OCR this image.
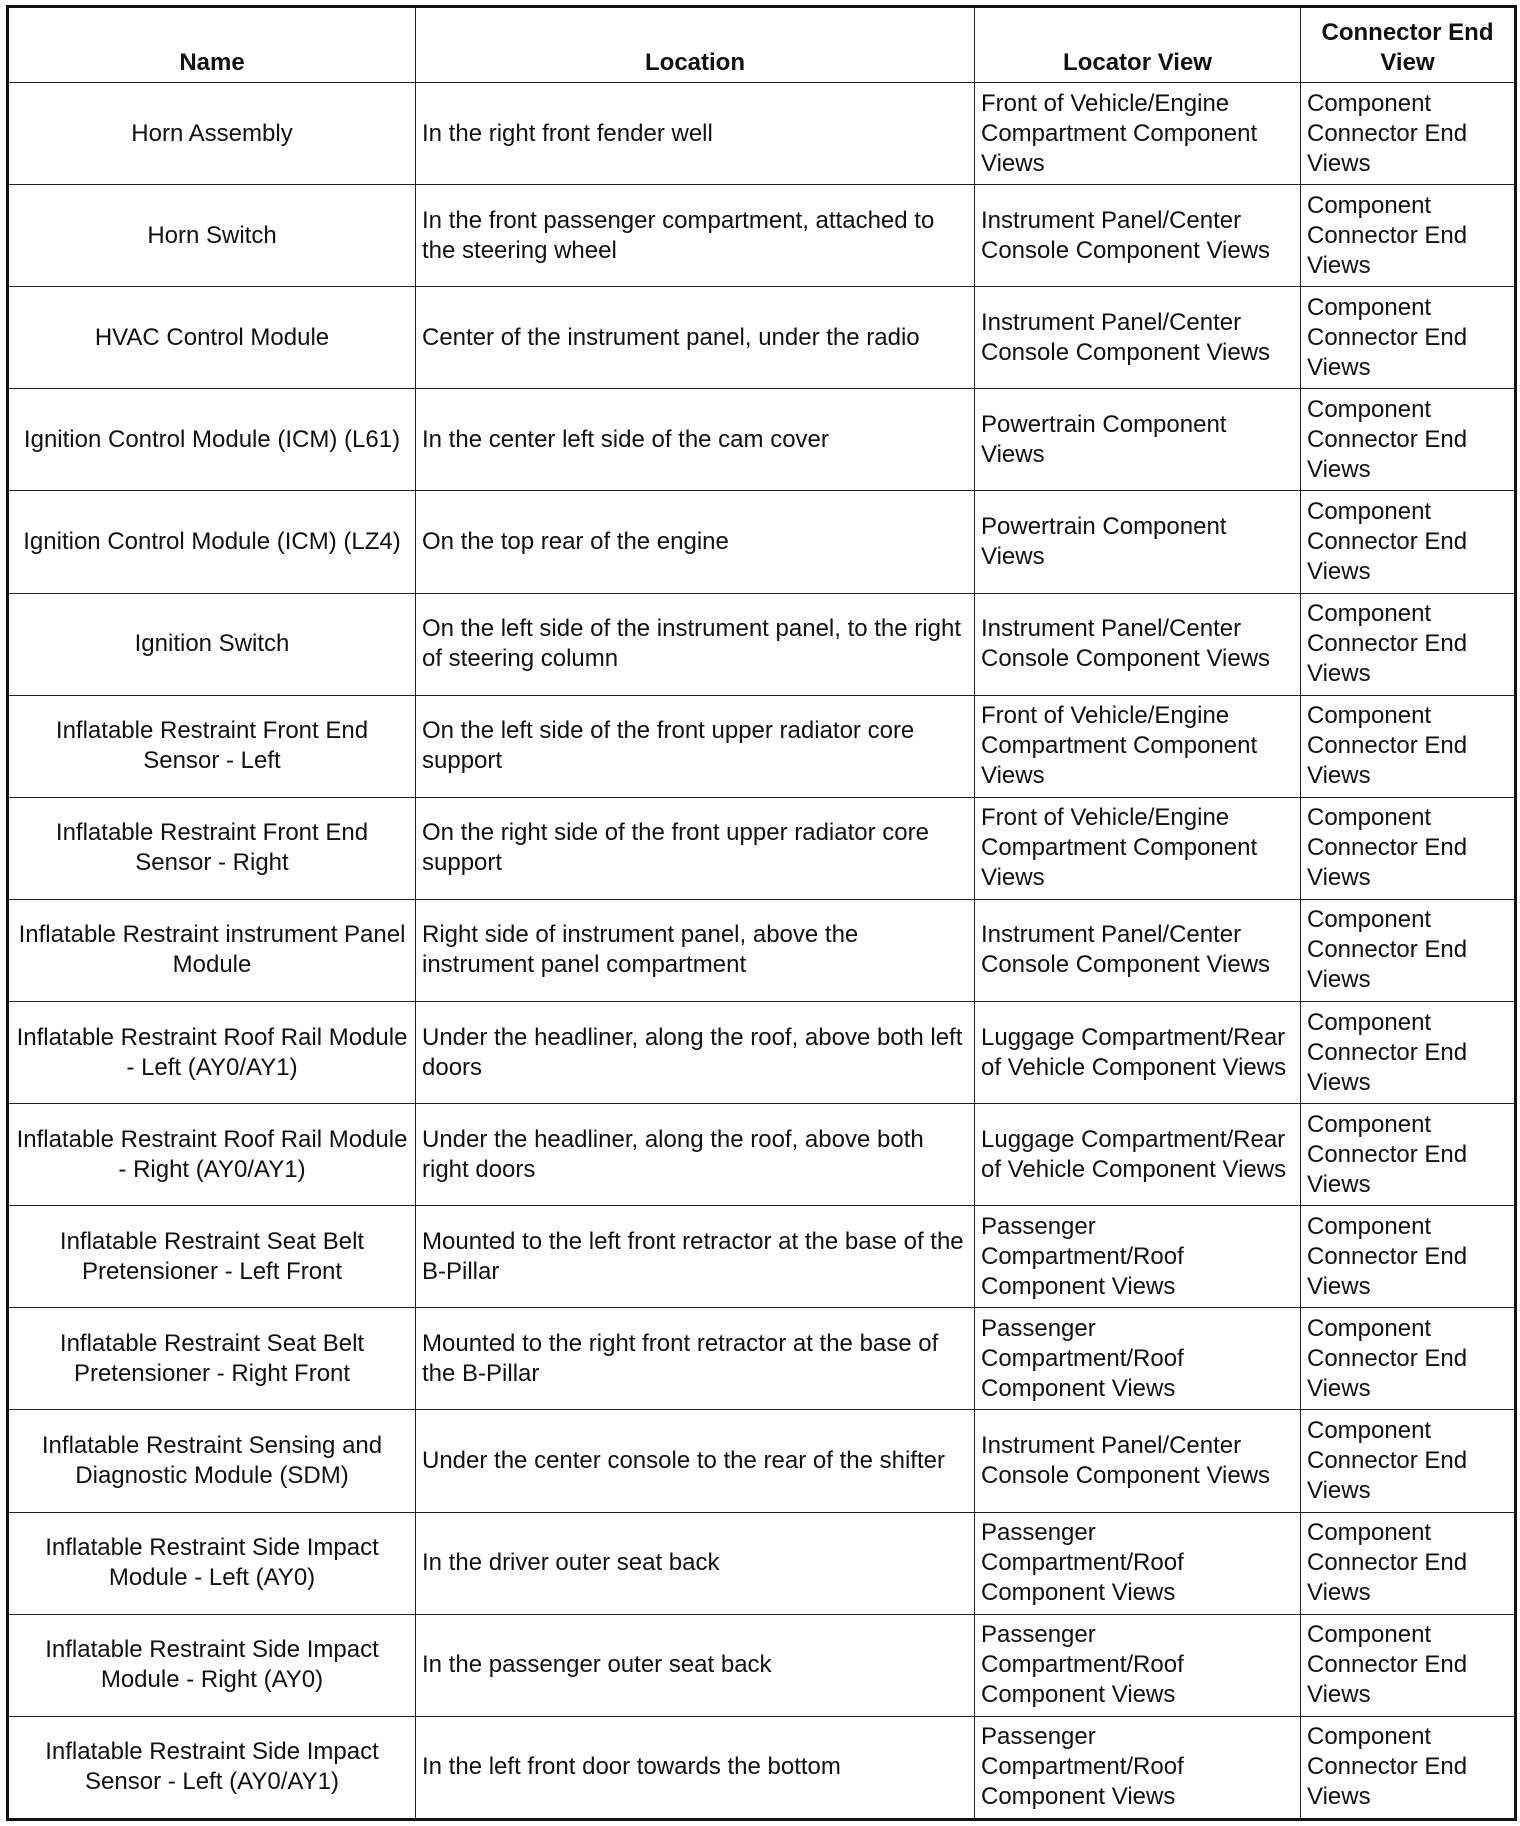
Name	Location	Locator View	Connector End View
Horn Assembly	In the right front fender well	Front of Vehicle/Engine Compartment Component Views	Component Connector End Views
Horn Switch	In the front passenger compartment, attached to the steering wheel	Instrument Panel/Center Console Component Views	Component Connector End Views
HVAC Control Module	Center of the instrument panel, under the radio	Instrument Panel/Center Console Component Views	Component Connector End Views
Ignition Control Module (ICM) (L61)	In the center left side of the cam cover	Powertrain Component Views	Component Connector End Views
Ignition Control Module (ICM) (LZ4)	On the top rear of the engine	Powertrain Component Views	Component Connector End Views
Ignition Switch	On the left side of the instrument panel, to the right of steering column	Instrument Panel/Center Console Component Views	Component Connector End Views
Inflatable Restraint Front End Sensor - Left	On the left side of the front upper radiator core support	Front of Vehicle/Engine Compartment Component Views	Component Connector End Views
Inflatable Restraint Front End Sensor - Right	On the right side of the front upper radiator core support	Front of Vehicle/Engine Compartment Component Views	Component Connector End Views
Inflatable Restraint instrument Panel Module	Right side of instrument panel, above the instrument panel compartment	Instrument Panel/Center Console Component Views	Component Connector End Views
Inflatable Restraint Roof Rail Module - Left (AY0/AY1)	Under the headliner, along the roof, above both left doors	Luggage Compartment/Rear of Vehicle Component Views	Component Connector End Views
Inflatable Restraint Roof Rail Module - Right (AY0/AY1)	Under the headliner, along the roof, above both right doors	Luggage Compartment/Rear of Vehicle Component Views	Component Connector End Views
Inflatable Restraint Seat Belt Pretensioner - Left Front	Mounted to the left front retractor at the base of the B-Pillar	Passenger Compartment/Roof Component Views	Component Connector End Views
Inflatable Restraint Seat Belt Pretensioner - Right Front	Mounted to the right front retractor at the base of the B-Pillar	Passenger Compartment/Roof Component Views	Component Connector End Views
Inflatable Restraint Sensing and Diagnostic Module (SDM)	Under the center console to the rear of the shifter	Instrument Panel/Center Console Component Views	Component Connector End Views
Inflatable Restraint Side Impact Module - Left (AY0)	In the driver outer seat back	Passenger Compartment/Roof Component Views	Component Connector End Views
Inflatable Restraint Side Impact Module - Right (AY0)	In the passenger outer seat back	Passenger Compartment/Roof Component Views	Component Connector End Views
Inflatable Restraint Side Impact Sensor - Left (AY0/AY1)	In the left front door towards the bottom	Passenger Compartment/Roof Component Views	Component Connector End Views
